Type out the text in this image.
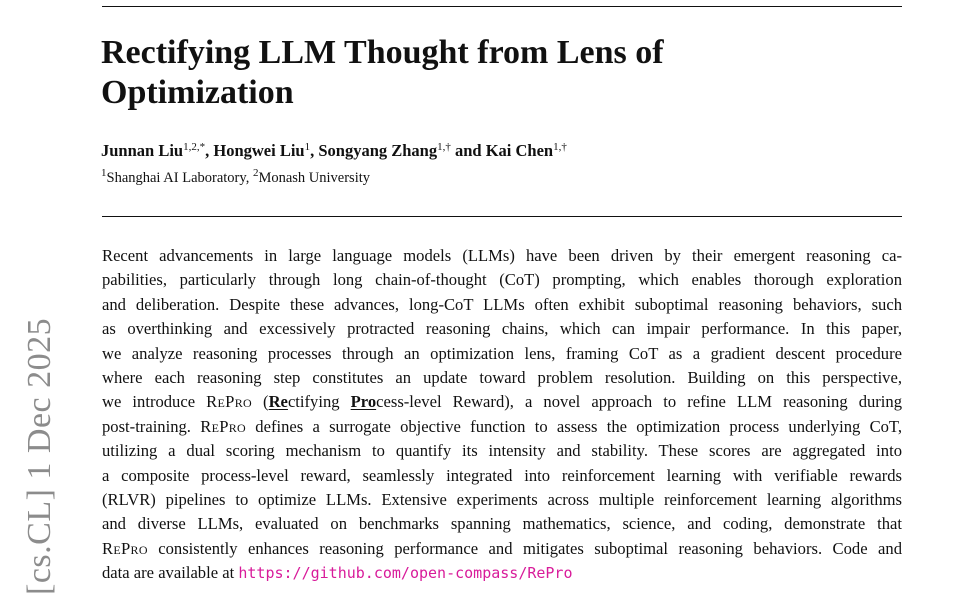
Rectifying LLM Thought from Lens of
Optimization
Junnan Liu$^{1,2,*}$, Hongwei Liu$^1$, Songyang Zhang$^{1,\dagger}$ and Kai Chen$^{1,\dagger}$
$^1$Shanghai AI Laboratory, $^2$Monash University
Recent advancements in large language models (LLMs) have been driven by their emergent reasoning ca-
pabilities, particularly through long chain-of-thought (CoT) prompting, which enables thorough exploration
and deliberation. Despite these advances, long-CoT LLMs often exhibit suboptimal reasoning behaviors, such
as overthinking and excessively protracted reasoning chains, which can impair performance. In this paper,
we analyze reasoning processes through an optimization lens, framing CoT as a gradient descent procedure
where each reasoning step constitutes an update toward problem resolution. Building on this perspective,
we introduce RePro (Rectifying Process-level Reward), a novel approach to refine LLM reasoning during
post-training. RePro defines a surrogate objective function to assess the optimization process underlying CoT,
utilizing a dual scoring mechanism to quantify its intensity and stability. These scores are aggregated into
a composite process-level reward, seamlessly integrated into reinforcement learning with verifiable rewards
(RLVR) pipelines to optimize LLMs. Extensive experiments across multiple reinforcement learning algorithms
and diverse LLMs, evaluated on benchmarks spanning mathematics, science, and coding, demonstrate that
RePro consistently enhances reasoning performance and mitigates suboptimal reasoning behaviors. Code and
data are available at https://github.com/open-compass/RePro
[cs.CL] 1 Dec 2025
